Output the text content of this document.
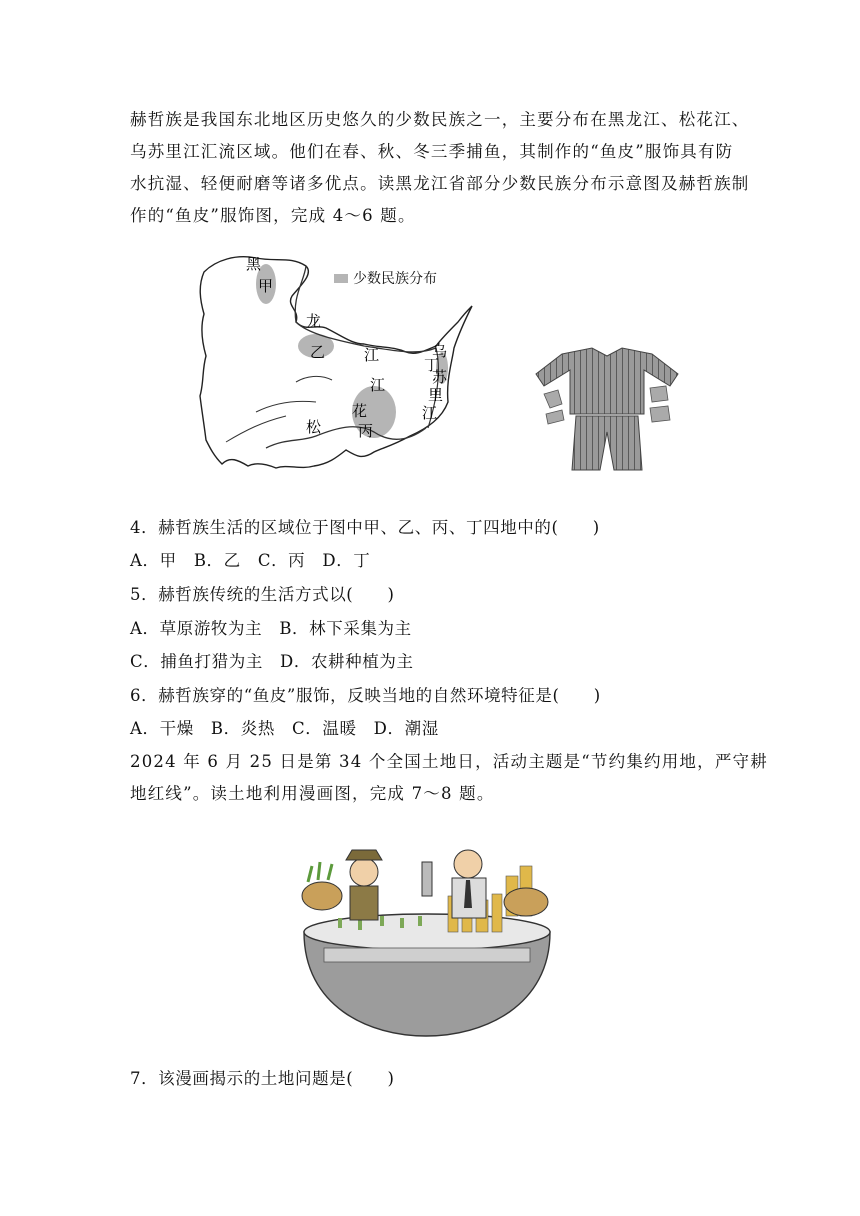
赫哲族是我国东北地区历史悠久的少数民族之一，主要分布在黑龙江、松花江、
乌苏里江汇流区域。他们在春、秋、冬三季捕鱼，其制作的“鱼皮”服饰具有防
水抗湿、轻便耐磨等诸多优点。读黑龙江省部分少数民族分布示意图及赫哲族制
作的“鱼皮”服饰图，完成 4～6 题。

少数民族分布
黑
甲
龙
乙	江
江
花
丙
松
乌
丁
苏
里
江

4．赫哲族生活的区域位于图中甲、乙、丙、丁四地中的(　　)

A．甲　B．乙　C．丙　D．丁

5．赫哲族传统的生活方式以(　　)

A．草原游牧为主　B．林下采集为主

C．捕鱼打猎为主　D．农耕种植为主

6．赫哲族穿的“鱼皮”服饰，反映当地的自然环境特征是(　　)

A．干燥　B．炎热　C．温暖　D．潮湿

2024 年 6 月 25 日是第 34 个全国土地日，活动主题是“节约集约用地，严守耕
地红线”。读土地利用漫画图，完成 7～8 题。

7．该漫画揭示的土地问题是(　　)
